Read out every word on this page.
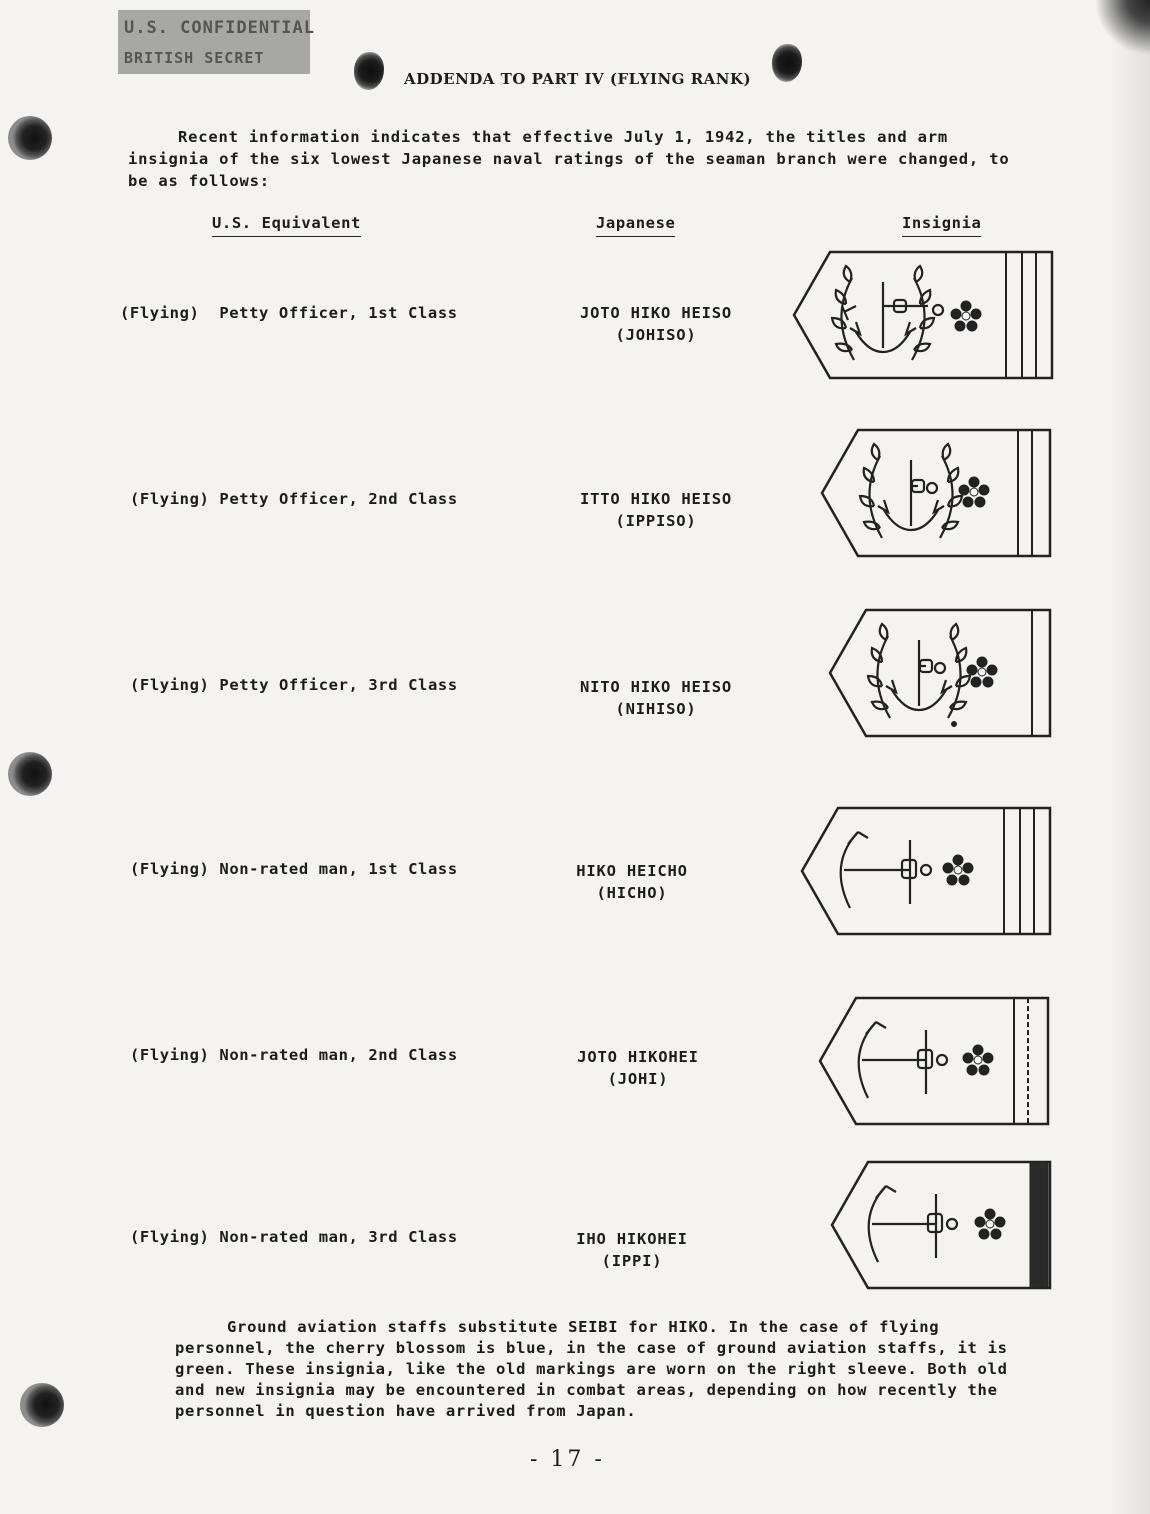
U.S. CONFIDENTIAL
BRITISH SECRET
ADDENDA TO PART IV (FLYING RANK)
Recent information indicates that effective July 1, 1942, the titles and arm insignia of the six lowest Japanese naval ratings of the seaman branch were changed, to be as follows:
U.S. Equivalent	Japanese	Insignia
(Flying)  Petty Officer, 1st Class	JOTO HIKO HEISO
(JOHISO)
(Flying) Petty Officer, 2nd Class	ITTO HIKO HEISO
(IPPISO)
(Flying) Petty Officer, 3rd Class	NITO HIKO HEISO
(NIHISO)
(Flying) Non-rated man, 1st Class	HIKO HEICHO
(HICHO)
(Flying) Non-rated man, 2nd Class	JOTO HIKOHEI
(JOHI)
(Flying) Non-rated man, 3rd Class	IHO HIKOHEI
(IPPI)
Ground aviation staffs substitute SEIBI for HIKO. In the case of flying personnel, the cherry blossom is blue, in the case of ground aviation staffs, it is green. These insignia, like the old markings are worn on the right sleeve. Both old and new insignia may be encountered in combat areas, depending on how recently the personnel in question have arrived from Japan.
- 17 -
